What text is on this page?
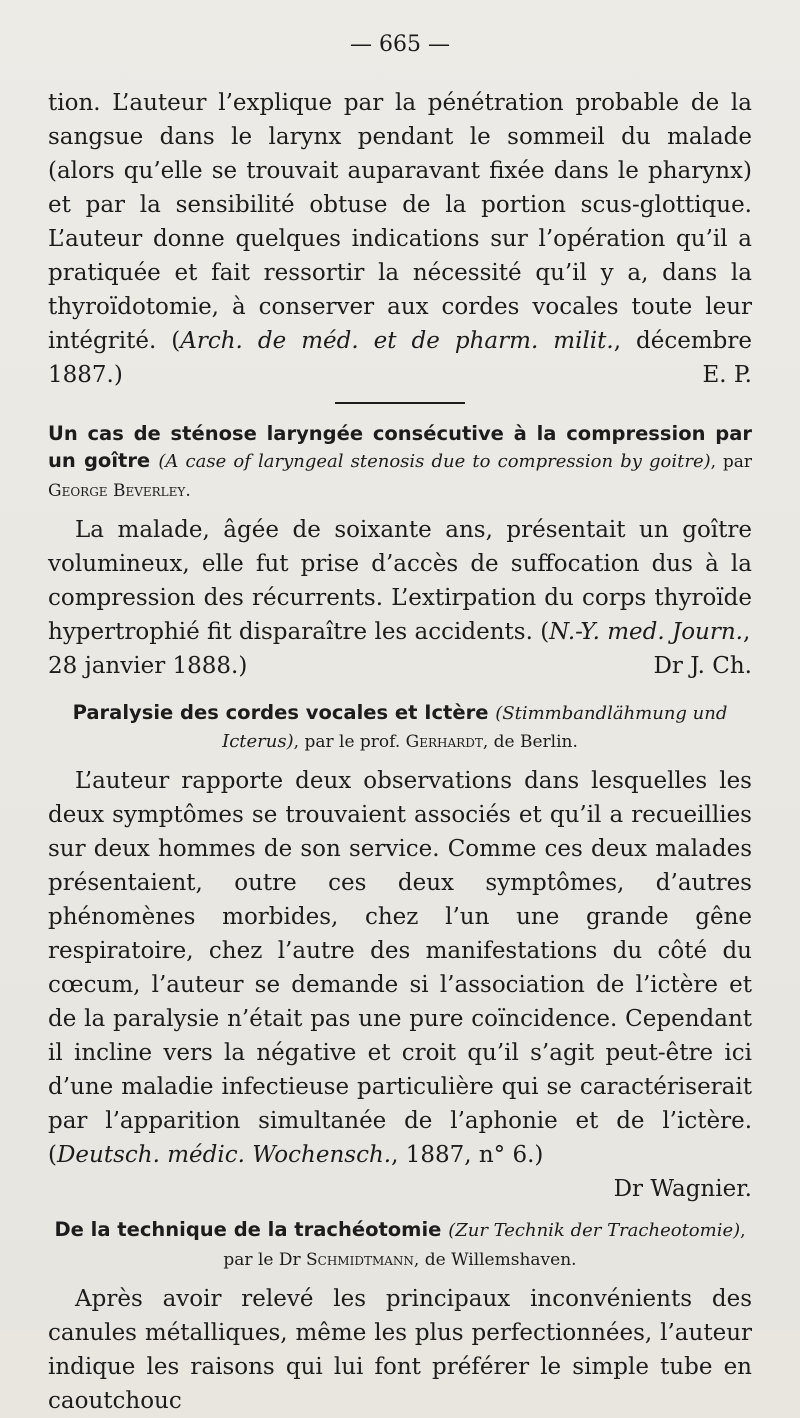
— 665 —

tion. L’auteur l’explique par la pénétration probable de la sangsue dans le larynx pendant le sommeil du malade (alors qu’elle se trouvait auparavant fixée dans le pharynx) et par la sensibilité obtuse de la portion scus-glottique. L’auteur donne quelques indications sur l’opération qu’il a pratiquée et fait ressortir la nécessité qu’il y a, dans la thyroïdotomie, à conserver aux cordes vocales toute leur intégrité. (Arch. de méd. et de pharm. milit., décembre 1887.)	E. P.

Un cas de sténose laryngée consécutive à la compression par un goître (A case of laryngeal stenosis due to compression by goitre), par George Beverley.

La malade, âgée de soixante ans, présentait un goître volumineux, elle fut prise d’accès de suffocation dus à la compression des récurrents. L’extirpation du corps thyroïde hypertrophié fit disparaître les accidents. (N.-Y. med. Journ.,

28 janvier 1888.)	Dr J. Ch.
Paralysie des cordes vocales et Ictère (Stimmbandlähmung und Icterus), par le prof. Gerhardt, de Berlin.

L’auteur rapporte deux observations dans lesquelles les deux symptômes se trouvaient associés et qu’il a recueillies sur deux hommes de son service. Comme ces deux malades présentaient, outre ces deux symptômes, d’autres phénomènes morbides, chez l’un une grande gêne respiratoire, chez l’autre des manifestations du côté du cœcum, l’auteur se demande si l’association de l’ictère et de la paralysie n’était pas une pure coïncidence. Cependant il incline vers la négative et croit qu’il s’agit peut-être ici d’une maladie infectieuse particulière qui se caractériserait par l’apparition simultanée de l’aphonie et de l’ictère. (Deutsch. médic. Wochensch., 1887, n° 6.)

Dr Wagnier.

De la technique de la trachéotomie (Zur Technik der Tracheotomie), par le Dr Schmidtmann, de Willemshaven.

Après avoir relevé les principaux inconvénients des canules métalliques, même les plus perfectionnées, l’auteur indique les raisons qui lui font préférer le simple tube en caoutchouc
